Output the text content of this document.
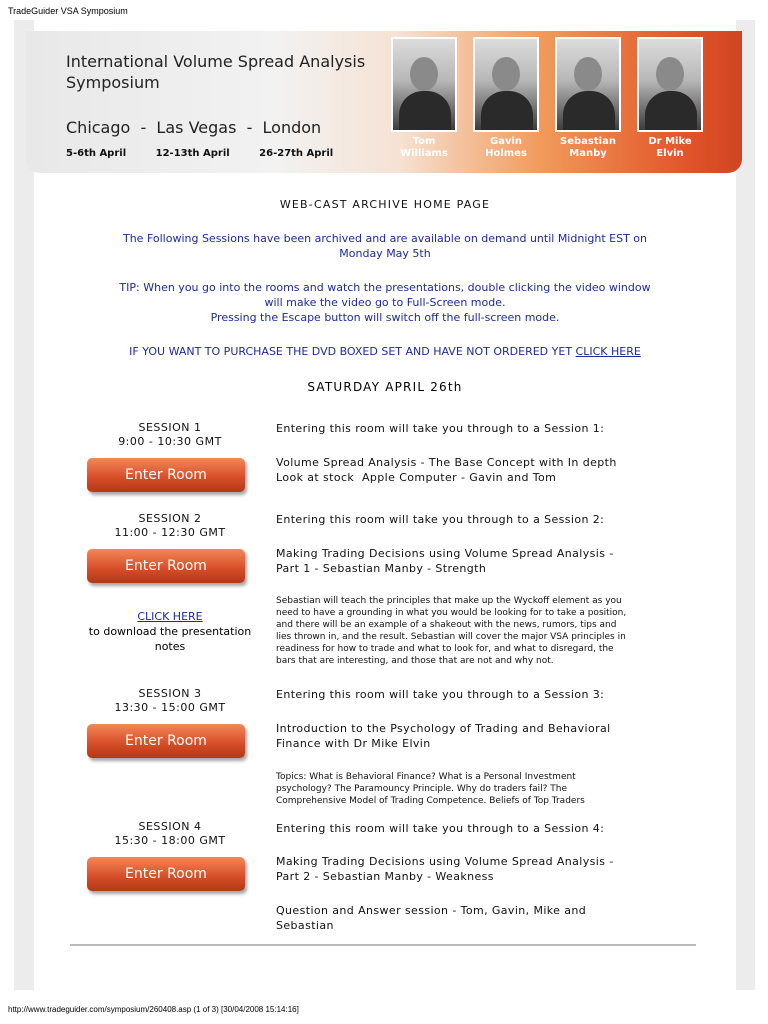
TradeGuider VSA Symposium
International Volume Spread Analysis
Symposium
Chicago  -  Las Vegas  -  London
5-6th April	12-13th April	26-27th April
Tom
Williams
Gavin
Holmes
Sebastian
Manby
Dr Mike
Elvin
WEB-CAST ARCHIVE HOME PAGE
The Following Sessions have been archived and are available on demand until Midnight EST on
Monday May 5th
TIP: When you go into the rooms and watch the presentations, double clicking the video window
will make the video go to Full-Screen mode.
Pressing the Escape button will switch off the full-screen mode.
IF YOU WANT TO PURCHASE THE DVD BOXED SET AND HAVE NOT ORDERED YET CLICK HERE
SATURDAY APRIL 26th
SESSION 1
9:00 - 10:30 GMT
Enter Room
Entering this room will take you through to a Session 1:
Volume Spread Analysis - The Base Concept with In depth
Look at stock  Apple Computer - Gavin and Tom
SESSION 2
11:00 - 12:30 GMT
Enter Room
Entering this room will take you through to a Session 2:
Making Trading Decisions using Volume Spread Analysis -
Part 1 - Sebastian Manby - Strength
Sebastian will teach the principles that make up the Wyckoff element as you
need to have a grounding in what you would be looking for to take a position,
and there will be an example of a shakeout with the news, rumors, tips and
lies thrown in, and the result. Sebastian will cover the major VSA principles in
readiness for how to trade and what to look for, and what to disregard, the
bars that are interesting, and those that are not and why not.
CLICK HERE
to download the presentation
notes
SESSION 3
13:30 - 15:00 GMT
Enter Room
Entering this room will take you through to a Session 3:
Introduction to the Psychology of Trading and Behavioral
Finance with Dr Mike Elvin
Topics: What is Behavioral Finance? What is a Personal Investment
psychology? The Paramouncy Principle. Why do traders fail? The
Comprehensive Model of Trading Competence. Beliefs of Top Traders
SESSION 4
15:30 - 18:00 GMT
Enter Room
Entering this room will take you through to a Session 4:
Making Trading Decisions using Volume Spread Analysis -
Part 2 - Sebastian Manby - Weakness
Question and Answer session - Tom, Gavin, Mike and
Sebastian
http://www.tradeguider.com/symposium/260408.asp (1 of 3) [30/04/2008 15:14:16]
